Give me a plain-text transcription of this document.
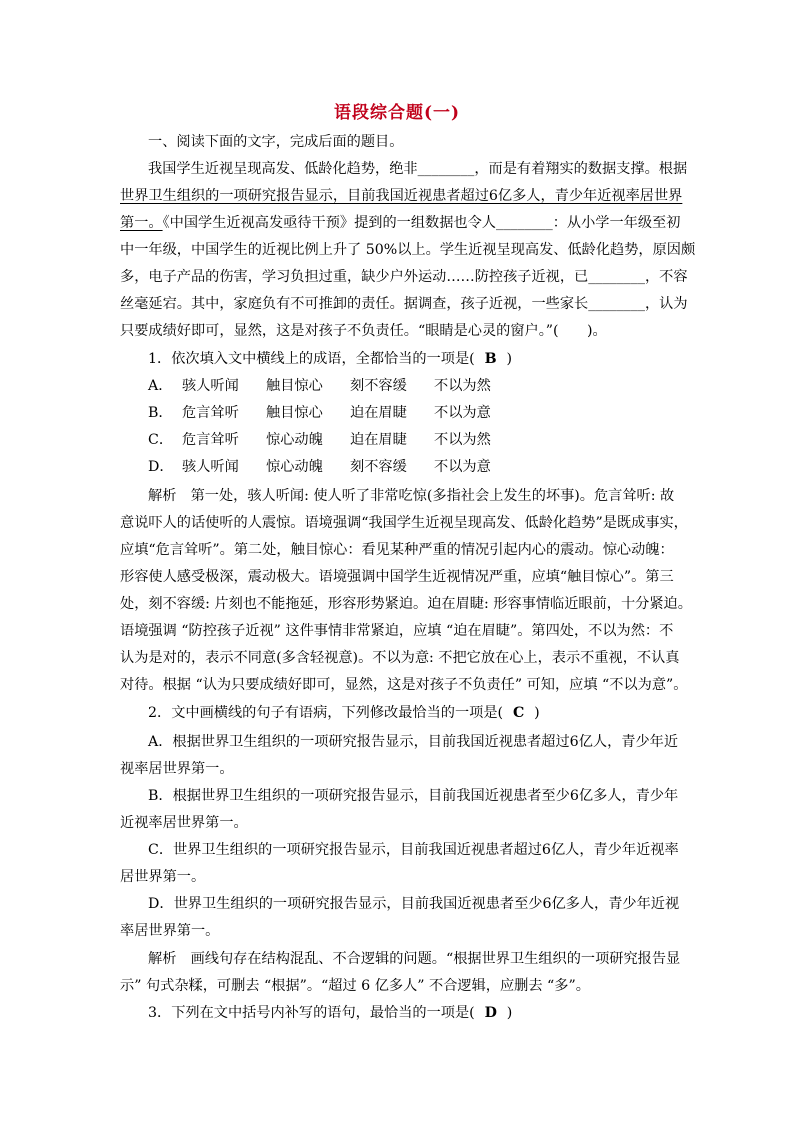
语段综合题(一)
一、阅读下面的文字，完成后面的题目。
我国学生近视呈现高发、低龄化趋势，绝非________，而是有着翔实的数据支撑。根据
世界卫生组织的一项研究报告显示，目前我国近视患者超过6亿多人，青少年近视率居世界
第一。《中国学生近视高发亟待干预》提到的一组数据也令人________：从小学一年级至初
中一年级，中国学生的近视比例上升了 50%以上。学生近视呈现高发、低龄化趋势，原因颇
多，电子产品的伤害，学习负担过重，缺少户外运动……防控孩子近视，已________，不容
丝毫延宕。其中，家庭负有不可推卸的责任。据调查，孩子近视，一些家长________，认为
只要成绩好即可，显然，这是对孩子不负责任。“眼睛是心灵的窗户。”(　　)。
1．依次填入文中横线上的成语，全都恰当的一项是( B )
A． 骇人听闻 触目惊心 刻不容缓 不以为然
B． 危言耸听 触目惊心 迫在眉睫 不以为意
C． 危言耸听 惊心动魄 迫在眉睫 不以为然
D． 骇人听闻 惊心动魄 刻不容缓 不以为意
解析　第一处，骇人听闻: 使人听了非常吃惊(多指社会上发生的坏事)。危言耸听: 故
意说吓人的话使听的人震惊。语境强调“我国学生近视呈现高发、低龄化趋势”是既成事实，
应填“危言耸听”。第二处，触目惊心：看见某种严重的情况引起内心的震动。惊心动魄：
形容使人感受极深，震动极大。语境强调中国学生近视情况严重，应填“触目惊心”。第三
处，刻不容缓: 片刻也不能拖延，形容形势紧迫。迫在眉睫: 形容事情临近眼前，十分紧迫。
语境强调 “防控孩子近视” 这件事情非常紧迫，应填 “迫在眉睫”。第四处，不以为然：不
认为是对的，表示不同意(多含轻视意)。不以为意: 不把它放在心上，表示不重视，不认真
对待。根据 “认为只要成绩好即可，显然，这是对孩子不负责任” 可知，应填 “不以为意”。
2．文中画横线的句子有语病，下列修改最恰当的一项是( C )
A．根据世界卫生组织的一项研究报告显示，目前我国近视患者超过6亿人，青少年近
视率居世界第一。
B．根据世界卫生组织的一项研究报告显示，目前我国近视患者至少6亿多人，青少年
近视率居世界第一。
C．世界卫生组织的一项研究报告显示，目前我国近视患者超过6亿人，青少年近视率
居世界第一。
D．世界卫生组织的一项研究报告显示，目前我国近视患者至少6亿多人，青少年近视
率居世界第一。
解析　画线句存在结构混乱、不合逻辑的问题。“根据世界卫生组织的一项研究报告显
示” 句式杂糅，可删去 “根据”。“超过 6 亿多人” 不合逻辑，应删去 “多”。
3．下列在文中括号内补写的语句，最恰当的一项是( D )
